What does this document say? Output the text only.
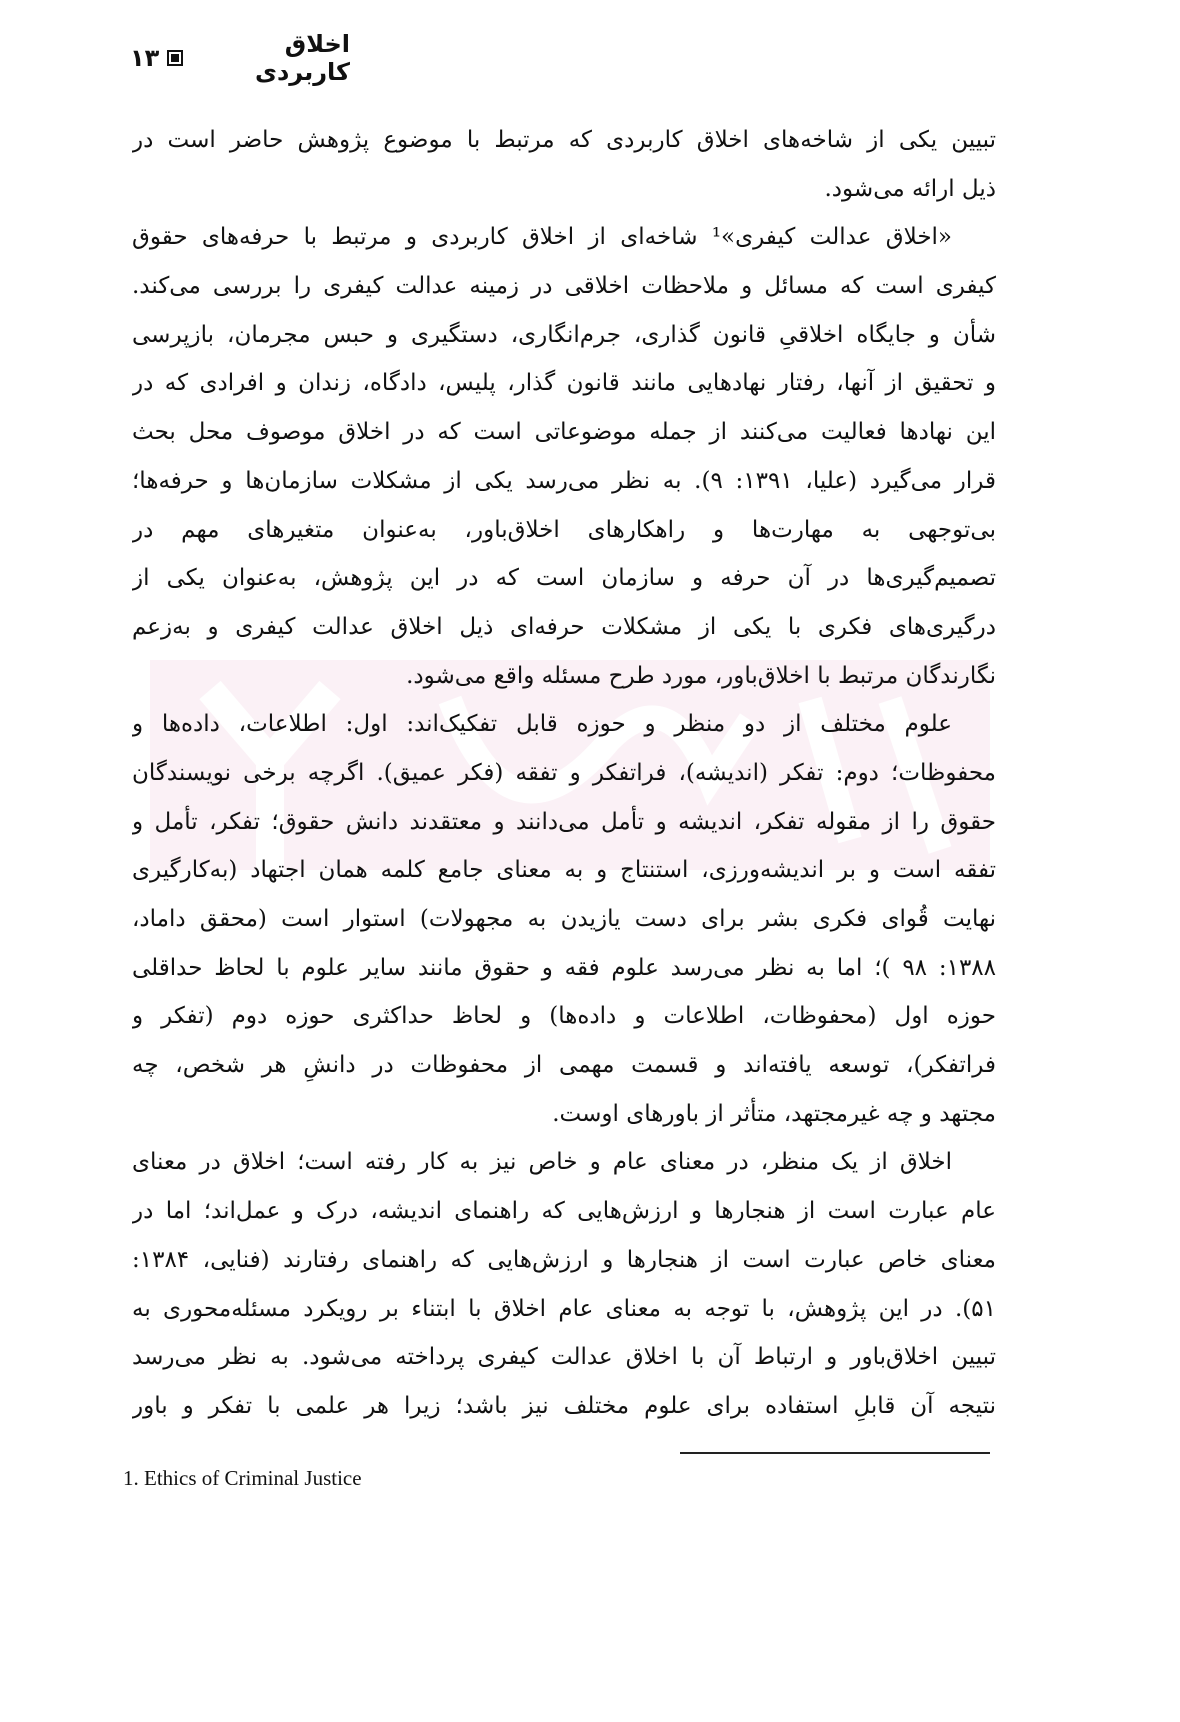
اخلاق کاربردی
۱۳
تبیین یکی از شاخه‌های اخلاق کاربردی که مرتبط با موضوع پژوهش حاضر است در
ذیل ارائه می‌شود.
«اخلاق عدالت کیفری»¹ شاخه‌ای از اخلاق کاربردی و مرتبط با حرفه‌های حقوق
کیفری است که مسائل و ملاحظات اخلاقی در زمینه عدالت کیفری را بررسی می‌کند.
شأن و جایگاه اخلاقیِ قانون گذاری، جرم‌انگاری، دستگیری و حبس مجرمان، بازپرسی
و تحقیق از آنها، رفتار نهادهایی مانند قانون گذار، پلیس، دادگاه، زندان و افرادی که در
این نهادها فعالیت می‌کنند از جمله موضوعاتی است که در اخلاق موصوف محل بحث
قرار می‌گیرد (علیا، ۱۳۹۱: ۹). به نظر می‌رسد یکی از مشکلات سازمان‌ها و حرفه‌ها؛
بی‌توجهی به مهارت‌ها و راهکارهای اخلاق‌باور، به‌عنوان متغیرهای مهم در
تصمیم‌گیری‌ها در آن حرفه و سازمان است که در این پژوهش، به‌عنوان یکی از
درگیری‌های فکری با یکی از مشکلات حرفه‌ای ذیل اخلاق عدالت کیفری و به‌زعم
نگارندگان مرتبط با اخلاق‌باور، مورد طرح مسئله واقع می‌شود.
علوم مختلف از دو منظر و حوزه قابل تفکیک‌اند: اول: اطلاعات، داده‌ها و
محفوظات؛ دوم: تفکر (اندیشه)، فراتفکر و تفقه (فکر عمیق). اگرچه برخی نویسندگان
حقوق را از مقوله تفکر، اندیشه و تأمل می‌دانند و معتقدند دانش حقوق؛ تفکر، تأمل و
تفقه است و بر اندیشه‌ورزی، استنتاج و به معنای جامع کلمه همان اجتهاد (به‌کارگیری
نهایت قُوای فکری بشر برای دست یازیدن به مجهولات) استوار است (محقق داماد،
۱۳۸۸: ۹۸ )؛ اما به نظر می‌رسد علوم فقه و حقوق مانند سایر علوم با لحاظ حداقلی
حوزه اول (محفوظات، اطلاعات و داده‌ها) و لحاظ حداکثری حوزه دوم (تفکر و
فراتفکر)، توسعه یافته‌اند و قسمت مهمی از محفوظات در دانشِ هر شخص، چه
مجتهد و چه غیرمجتهد، متأثر از باورهای اوست.
اخلاق از یک منظر، در معنای عام و خاص نیز به کار رفته است؛ اخلاق در معنای
عام عبارت است از هنجارها و ارزش‌هایی که راهنمای اندیشه، درک و عمل‌اند؛ اما در
معنای خاص عبارت است از هنجارها و ارزش‌هایی که راهنمای رفتارند (فنایی، ۱۳۸۴:
۵۱). در این پژوهش، با توجه به معنای عام اخلاق با ابتناء بر رویکرد مسئله‌محوری به
تبیین اخلاق‌باور و ارتباط آن با اخلاق عدالت کیفری پرداخته می‌شود. به نظر می‌رسد
نتیجه آن قابلِ استفاده برای علوم مختلف نیز باشد؛ زیرا هر علمی با تفکر و باور
1. Ethics of Criminal Justice
